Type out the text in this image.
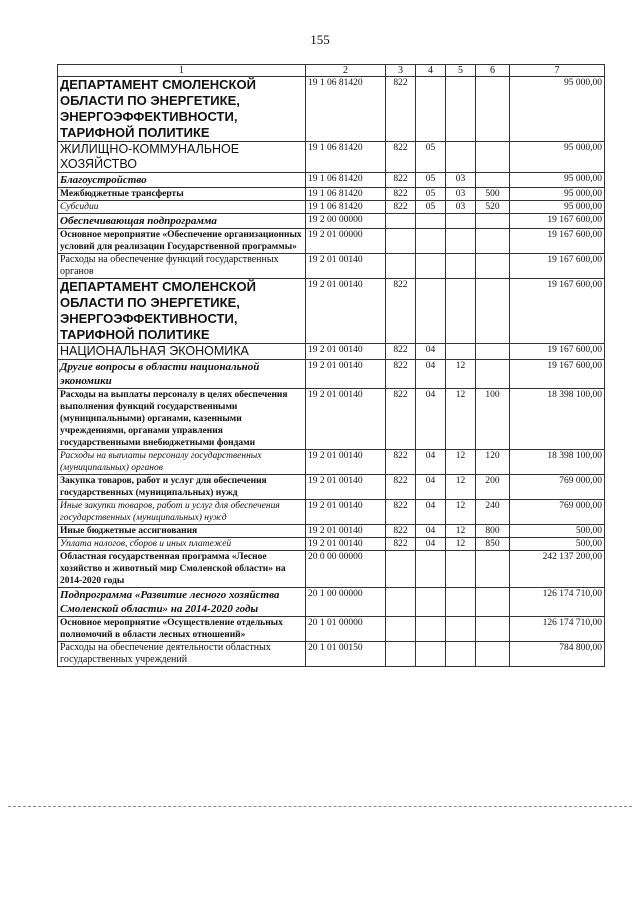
155
1	2	3	4	5	6	7
ДЕПАРТАМЕНТ СМОЛЕНСКОЙ ОБЛАСТИ ПО ЭНЕРГЕТИКЕ, ЭНЕРГОЭФФЕКТИВНОСТИ, ТАРИФНОЙ ПОЛИТИКЕ	19 1 06 81420	822				95 000,00
ЖИЛИЩНО-КОММУНАЛЬНОЕ ХОЗЯЙСТВО	19 1 06 81420	822	05			95 000,00
Благоустройство	19 1 06 81420	822	05	03		95 000,00
Межбюджетные трансферты	19 1 06 81420	822	05	03	500	95 000,00
Субсидии	19 1 06 81420	822	05	03	520	95 000,00
Обеспечивающая подпрограмма	19 2 00 00000					19 167 600,00
Основное мероприятие «Обеспечение организационных условий для реализации Государственной программы»	19 2 01 00000					19 167 600,00
Расходы на обеспечение функций государственных органов	19 2 01 00140					19 167 600,00
ДЕПАРТАМЕНТ СМОЛЕНСКОЙ ОБЛАСТИ ПО ЭНЕРГЕТИКЕ, ЭНЕРГОЭФФЕКТИВНОСТИ, ТАРИФНОЙ ПОЛИТИКЕ	19 2 01 00140	822				19 167 600,00
НАЦИОНАЛЬНАЯ ЭКОНОМИКА	19 2 01 00140	822	04			19 167 600,00
Другие вопросы в области национальной экономики	19 2 01 00140	822	04	12		19 167 600,00
Расходы на выплаты персоналу в целях обеспечения выполнения функций государственными (муниципальными) органами, казенными учреждениями, органами управления государственными внебюджетными фондами	19 2 01 00140	822	04	12	100	18 398 100,00
Расходы на выплаты персоналу государственных (муниципальных) органов	19 2 01 00140	822	04	12	120	18 398 100,00
Закупка товаров, работ и услуг для обеспечения государственных (муниципальных) нужд	19 2 01 00140	822	04	12	200	769 000,00
Иные закупки товаров, работ и услуг для обеспечения государственных (муниципальных) нужд	19 2 01 00140	822	04	12	240	769 000,00
Иные бюджетные ассигнования	19 2 01 00140	822	04	12	800	500,00
Уплата налогов, сборов и иных платежей	19 2 01 00140	822	04	12	850	500,00
Областная государственная программа «Лесное хозяйство и животный мир Смоленской области» на 2014-2020 годы	20 0 00 00000					242 137 200,00
Подпрограмма «Развитие лесного хозяйства Смоленской области» на 2014-2020 годы	20 1 00 00000					126 174 710,00
Основное мероприятие «Осуществление отдельных полномочий в области лесных отношений»	20 1 01 00000					126 174 710,00
Расходы на обеспечение деятельности областных государственных учреждений	20 1 01 00150					784 800,00
